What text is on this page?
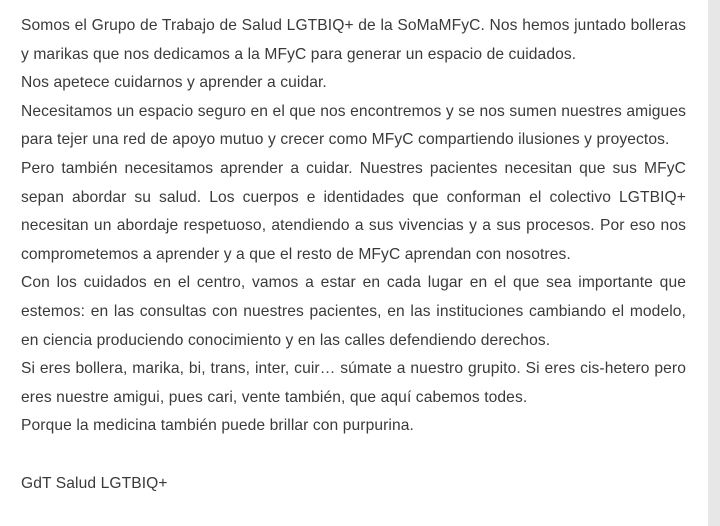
Somos el Grupo de Trabajo de Salud LGTBIQ+ de la SoMaMFyC. Nos hemos juntado bolleras y marikas que nos dedicamos a la MFyC para generar un espacio de cuidados.

Nos apetece cuidarnos y aprender a cuidar.

Necesitamos un espacio seguro en el que nos encontremos y se nos sumen nuestres amigues para tejer una red de apoyo mutuo y crecer como MFyC compartiendo ilusiones y proyectos.

Pero también necesitamos aprender a cuidar. Nuestres pacientes necesitan que sus MFyC sepan abordar su salud. Los cuerpos e identidades que conforman el colectivo LGTBIQ+ necesitan un abordaje respetuoso, atendiendo a sus vivencias y a sus procesos. Por eso nos comprometemos a aprender y a que el resto de MFyC aprendan con nosotres.

Con los cuidados en el centro, vamos a estar en cada lugar en el que sea importante que estemos: en las consultas con nuestres pacientes, en las instituciones cambiando el modelo, en ciencia produciendo conocimiento y en las calles defendiendo derechos.

Si eres bollera, marika, bi, trans, inter, cuir… súmate a nuestro grupito. Si eres cis-hetero pero eres nuestre amigui, pues cari, vente también, que aquí cabemos todes.

Porque la medicina también puede brillar con purpurina.

GdT Salud LGTBIQ+
